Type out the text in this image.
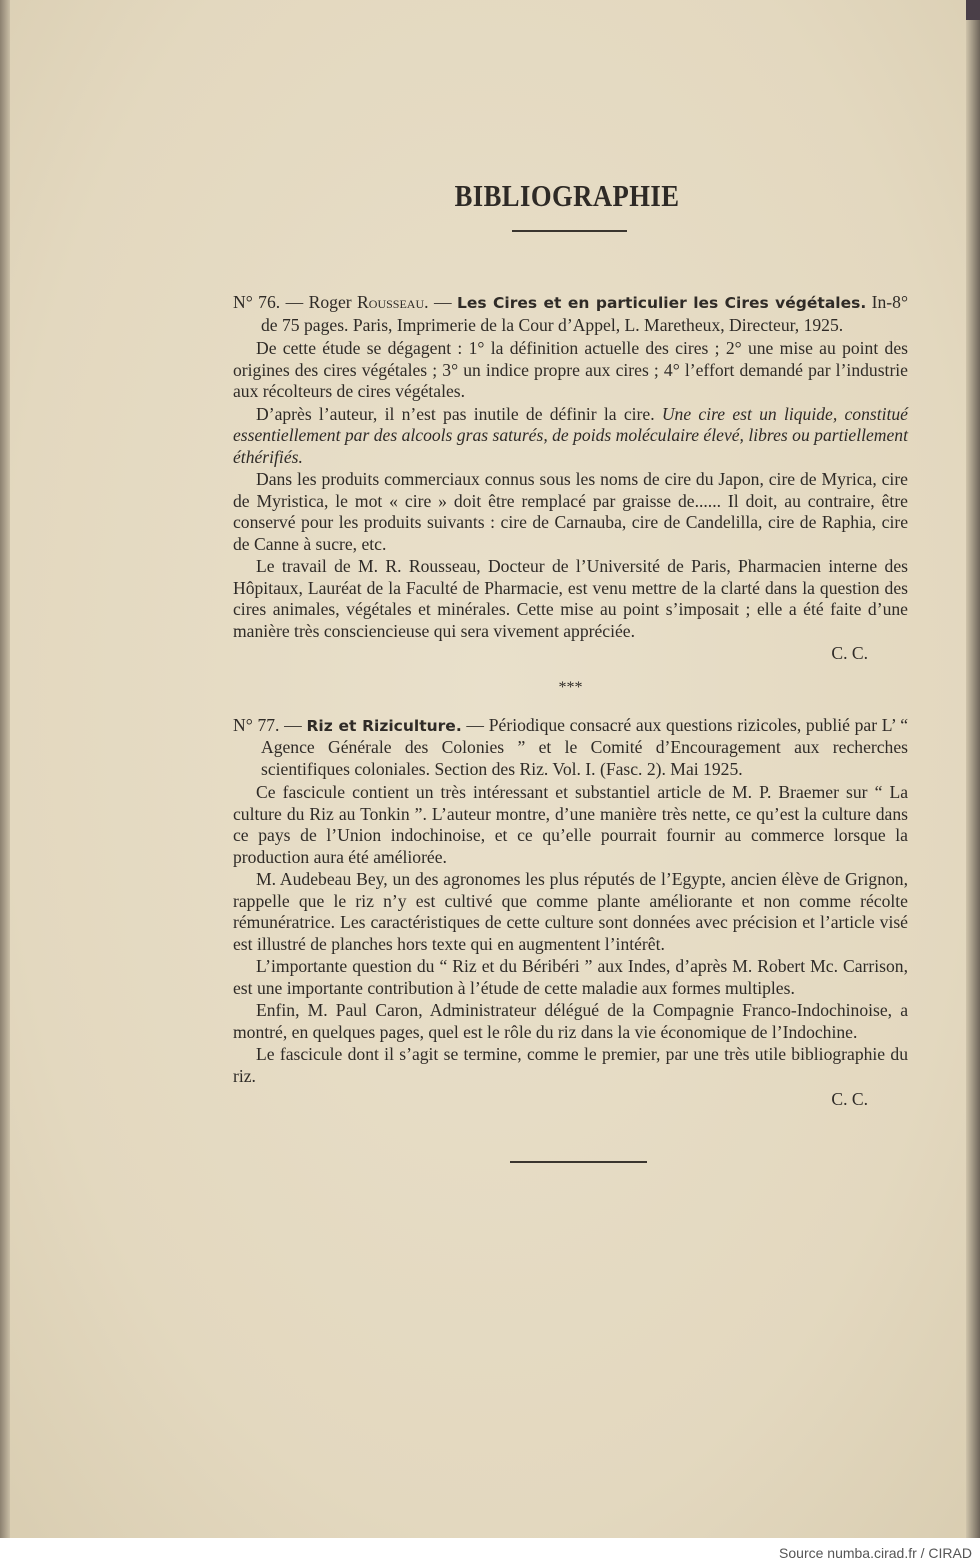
BIBLIOGRAPHIE
N° 76. — Roger Rousseau. — Les Cires et en particulier les Cires végétales. In-8° de 75 pages. Paris, Imprimerie de la Cour d’Appel, L. Maretheux, Directeur, 1925.

De cette étude se dégagent : 1° la définition actuelle des cires ; 2° une mise au point des origines des cires végétales ; 3° un indice propre aux cires ; 4° l’effort demandé par l’industrie aux récolteurs de cires végétales.

D’après l’auteur, il n’est pas inutile de définir la cire. Une cire est un liquide, constitué essentiellement par des alcools gras saturés, de poids moléculaire élevé, libres ou partiellement éthérifiés.

Dans les produits commerciaux connus sous les noms de cire du Japon, cire de Myrica, cire de Myristica, le mot « cire » doit être remplacé par graisse de...... Il doit, au contraire, être conservé pour les produits suivants : cire de Carnauba, cire de Candelilla, cire de Raphia, cire de Canne à sucre, etc.

Le travail de M. R. Rousseau, Docteur de l’Université de Paris, Pharmacien interne des Hôpitaux, Lauréat de la Faculté de Pharmacie, est venu mettre de la clarté dans la question des cires animales, végétales et minérales. Cette mise au point s’imposait ; elle a été faite d’une manière très consciencieuse qui sera vivement appréciée.

C. C.
***
N° 77. — Riz et Riziculture. — Périodique consacré aux questions rizicoles, publié par L’ “ Agence Générale des Colonies ” et le Comité d’Encouragement aux recherches scientifiques coloniales. Section des Riz. Vol. I. (Fasc. 2). Mai 1925.

Ce fascicule contient un très intéressant et substantiel article de M. P. Braemer sur “ La culture du Riz au Tonkin ”. L’auteur montre, d’une manière très nette, ce qu’est la culture dans ce pays de l’Union indochinoise, et ce qu’elle pourrait fournir au commerce lorsque la production aura été améliorée.

M. Audebeau Bey, un des agronomes les plus réputés de l’Egypte, ancien élève de Grignon, rappelle que le riz n’y est cultivé que comme plante améliorante et non comme récolte rémunératrice. Les caractéristiques de cette culture sont données avec précision et l’article visé est illustré de planches hors texte qui en augmentent l’intérêt.

L’importante question du “ Riz et du Béribéri ” aux Indes, d’après M. Robert Mc. Carrison, est une importante contribution à l’étude de cette maladie aux formes multiples.

Enfin, M. Paul Caron, Administrateur délégué de la Compagnie Franco-Indochinoise, a montré, en quelques pages, quel est le rôle du riz dans la vie économique de l’Indochine.

Le fascicule dont il s’agit se termine, comme le premier, par une très utile bibliographie du riz.

C. C.
Source numba.cirad.fr / CIRAD
